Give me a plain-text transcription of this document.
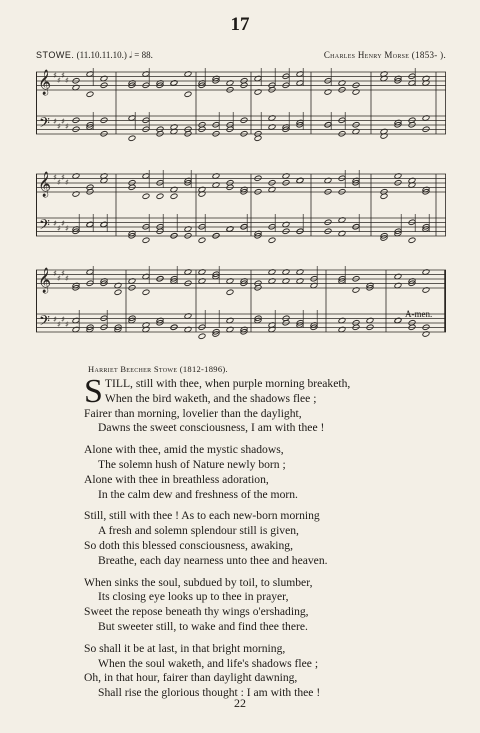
17
STOWE. (11.10.11.10.) 𝅗𝅥 = 88.	Charles Henry Morse (1853- ).
𝄞
𝄢
♯
♯
♯
♯
♯
♯
♯
♯
𝄞
𝄢
♯
♯
♯
♯
♯
♯
♯
♯
𝄞
𝄢
♯
♯
♯
♯
♯
♯
♯
♯
A-men.
Harriet Beecher Stowe (1812-1896).
S TILL, still with thee, when purple morning breaketh,
When the bird waketh, and the shadows flee ;
Fairer than morning, lovelier than the daylight,
Dawns the sweet consciousness, I am with thee !
Alone with thee, amid the mystic shadows,
The solemn hush of Nature newly born ;
Alone with thee in breathless adoration,
In the calm dew and freshness of the morn.
Still, still with thee ! As to each new-born morning
A fresh and solemn splendour still is given,
So doth this blessed consciousness, awaking,
Breathe, each day nearness unto thee and heaven.
When sinks the soul, subdued by toil, to slumber,
Its closing eye looks up to thee in prayer,
Sweet the repose beneath thy wings o'ershading,
But sweeter still, to wake and find thee there.
So shall it be at last, in that bright morning,
When the soul waketh, and life's shadows flee ;
Oh, in that hour, fairer than daylight dawning,
Shall rise the glorious thought : I am with thee !
22
